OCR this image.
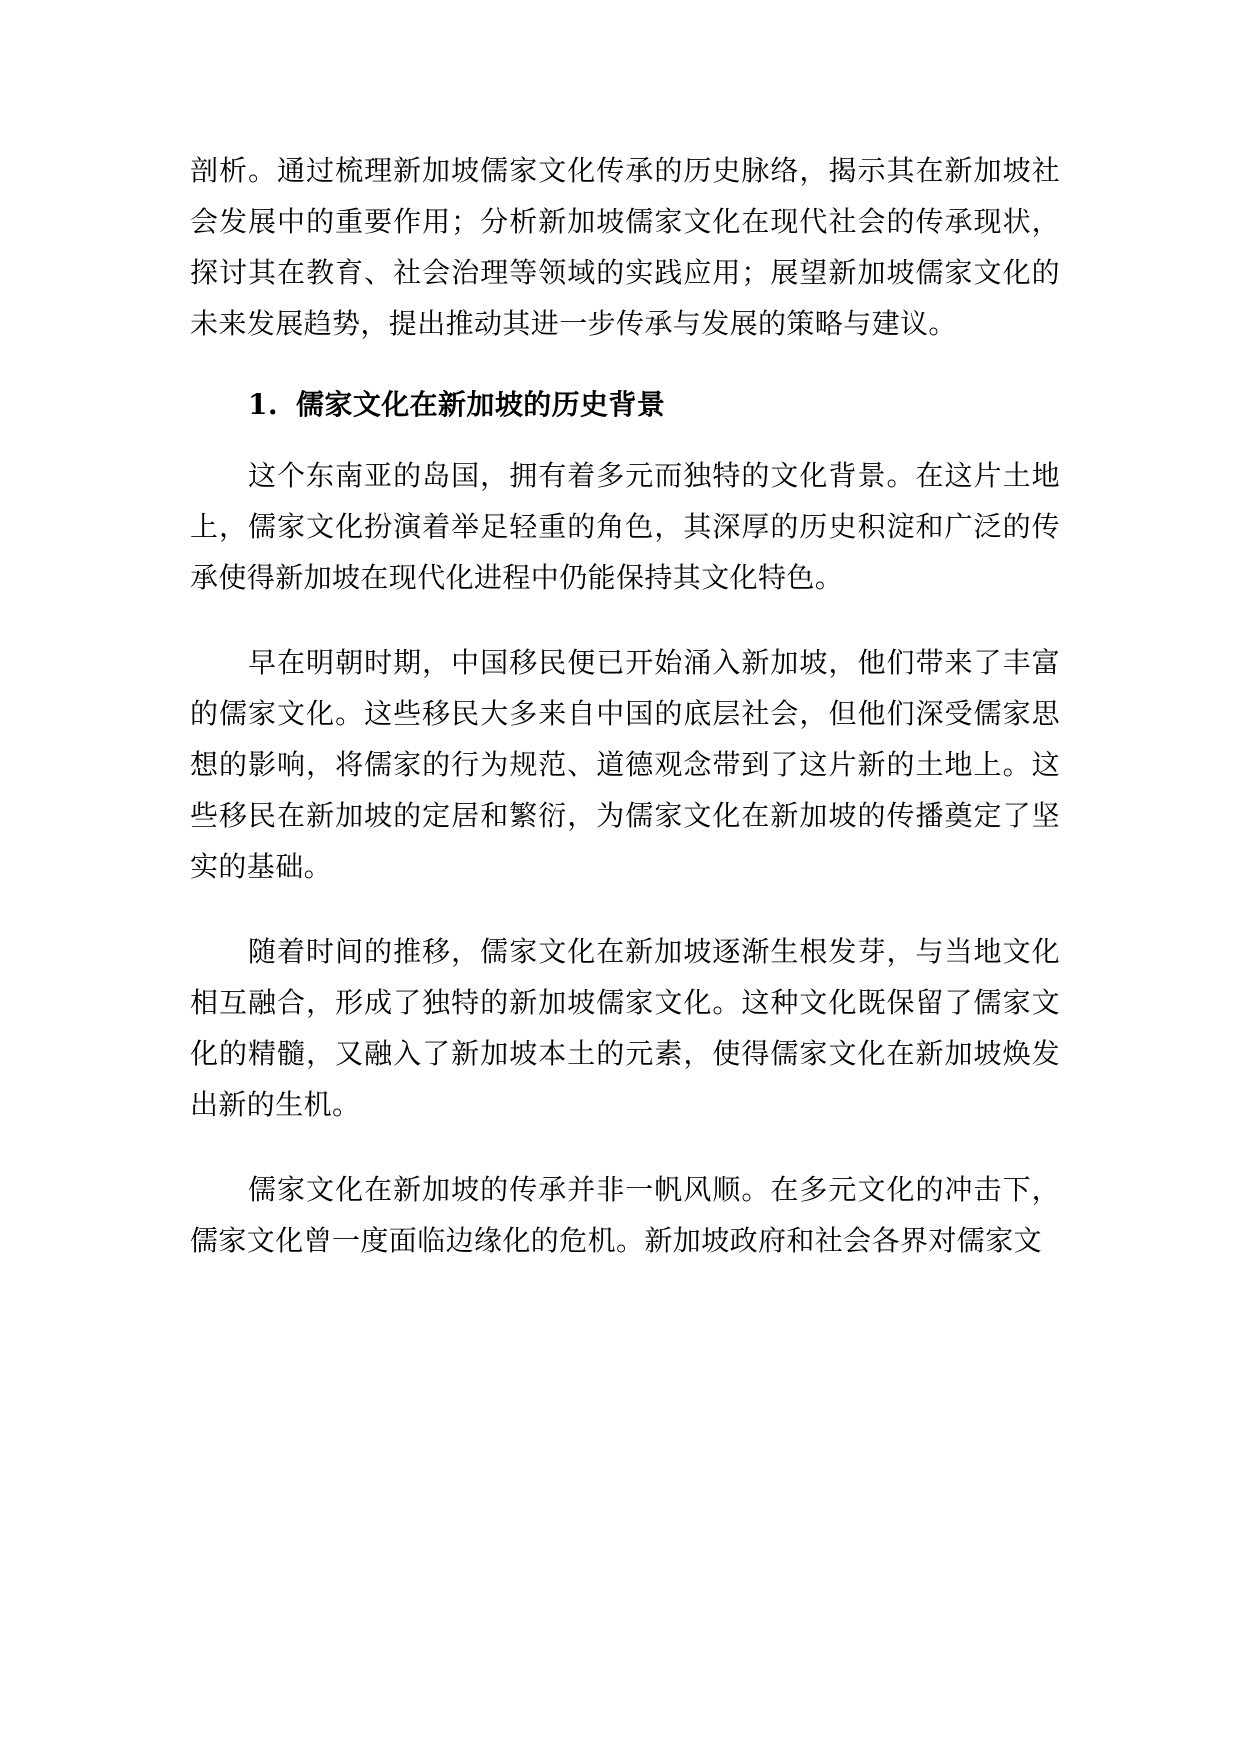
剖析。通过梳理新加坡儒家文化传承的历史脉络，揭示其在新加坡社会发展中的重要作用；分析新加坡儒家文化在现代社会的传承现状，探讨其在教育、社会治理等领域的实践应用；展望新加坡儒家文化的未来发展趋势，提出推动其进一步传承与发展的策略与建议。

1. 儒家文化在新加坡的历史背景

这个东南亚的岛国，拥有着多元而独特的文化背景。在这片土地上，儒家文化扮演着举足轻重的角色，其深厚的历史积淀和广泛的传承使得新加坡在现代化进程中仍能保持其文化特色。

早在明朝时期，中国移民便已开始涌入新加坡，他们带来了丰富的儒家文化。这些移民大多来自中国的底层社会，但他们深受儒家思想的影响，将儒家的行为规范、道德观念带到了这片新的土地上。这些移民在新加坡的定居和繁衍，为儒家文化在新加坡的传播奠定了坚实的基础。

随着时间的推移，儒家文化在新加坡逐渐生根发芽，与当地文化相互融合，形成了独特的新加坡儒家文化。这种文化既保留了儒家文化的精髓，又融入了新加坡本土的元素，使得儒家文化在新加坡焕发出新的生机。

儒家文化在新加坡的传承并非一帆风顺。在多元文化的冲击下，儒家文化曾一度面临边缘化的危机。新加坡政府和社会各界对儒家文
